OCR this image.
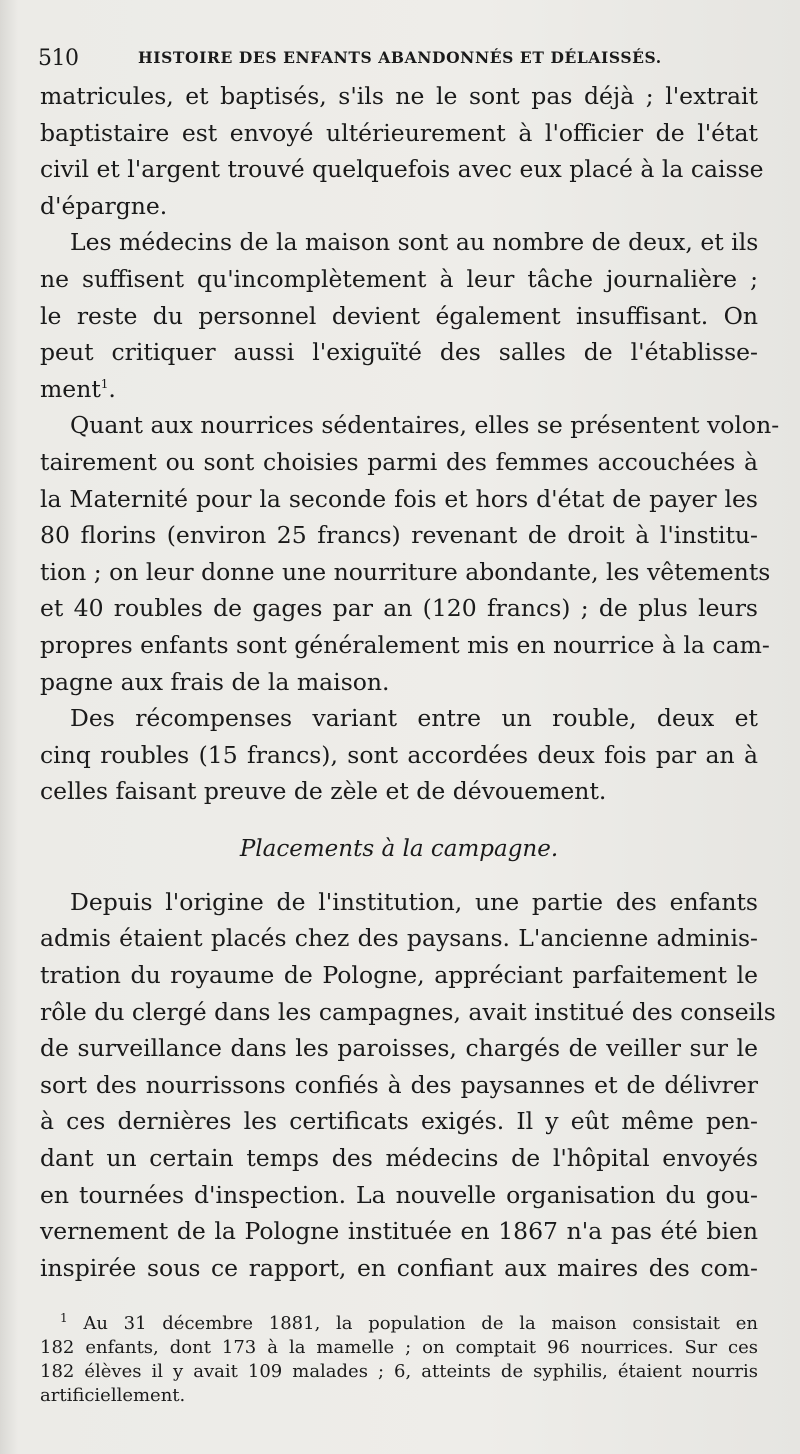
510	HISTOIRE DES ENFANTS ABANDONNÉS ET DÉLAISSÉS.
matricules, et baptisés, s'ils ne le sont pas déjà ; l'extrait
baptistaire est envoyé ultérieurement à l'officier de l'état
civil et l'argent trouvé quelquefois avec eux placé à la caisse
d'épargne.
Les médecins de la maison sont au nombre de deux, et ils
ne suffisent qu'incomplètement à leur tâche journalière ;
le reste du personnel devient également insuffisant. On
peut critiquer aussi l'exiguïté des salles de l'établisse-
ment$^1$.
Quant aux nourrices sédentaires, elles se présentent volon-
tairement ou sont choisies parmi des femmes accouchées à
la Maternité pour la seconde fois et hors d'état de payer les
80 florins (environ 25 francs) revenant de droit à l'institu-
tion ; on leur donne une nourriture abondante, les vêtements
et 40 roubles de gages par an (120 francs) ; de plus leurs
propres enfants sont généralement mis en nourrice à la cam-
pagne aux frais de la maison.
Des récompenses variant entre un rouble, deux et
cinq roubles (15 francs), sont accordées deux fois par an à
celles faisant preuve de zèle et de dévouement.
Placements à la campagne.
Depuis l'origine de l'institution, une partie des enfants
admis étaient placés chez des paysans. L'ancienne adminis-
tration du royaume de Pologne, appréciant parfaitement le
rôle du clergé dans les campagnes, avait institué des conseils
de surveillance dans les paroisses, chargés de veiller sur le
sort des nourrissons confiés à des paysannes et de délivrer
à ces dernières les certificats exigés. Il y eût même pen-
dant un certain temps des médecins de l'hôpital envoyés
en tournées d'inspection. La nouvelle organisation du gou-
vernement de la Pologne instituée en 1867 n'a pas été bien
inspirée sous ce rapport, en confiant aux maires des com-
$^1$ Au 31 décembre 1881, la population de la maison consistait en
182 enfants, dont 173 à la mamelle ; on comptait 96 nourrices. Sur ces
182 élèves il y avait 109 malades ; 6, atteints de syphilis, étaient nourris
artificiellement.
